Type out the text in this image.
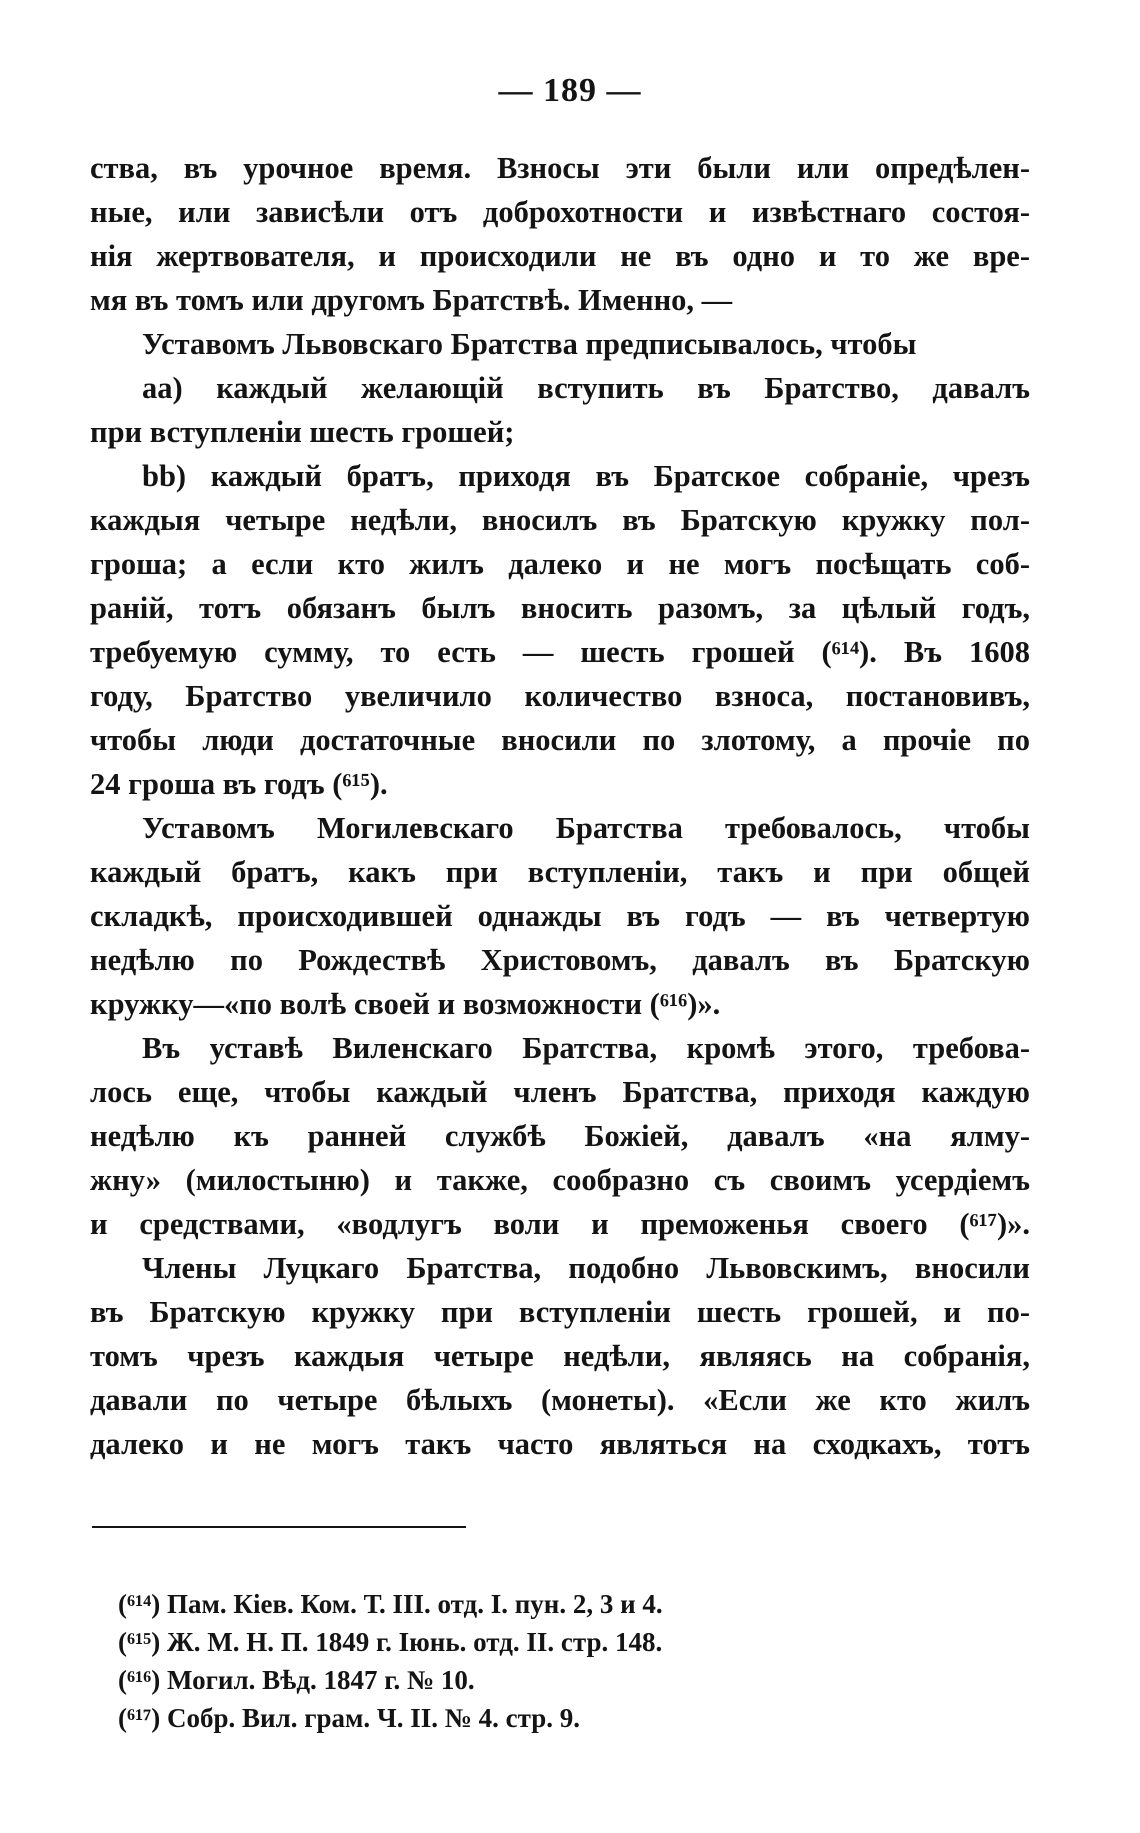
— 189 —
ства, въ урочное время. Взносы эти были или опредѣлен-
ные, или зависѣли отъ доброхотности и извѣстнаго состоя-
нія жертвователя, и происходили не въ одно и то же вре-
мя въ томъ или другомъ Братствѣ. Именно, —
Уставомъ Львовскаго Братства предписывалось, чтобы
аа) каждый желающій вступить въ Братство, давалъ
при вступленіи шесть грошей;
bb) каждый братъ, приходя въ Братское собраніе, чрезъ
каждыя четыре недѣли, вносилъ въ Братскую кружку пол-
гроша; а если кто жилъ далеко и не могъ посѣщать соб-
раній, тотъ обязанъ былъ вносить разомъ, за цѣлый годъ,
требуемую сумму, то есть — шесть грошей (⁶¹⁴). Въ 1608
году, Братство увеличило количество взноса, постановивъ,
чтобы люди достаточные вносили по злотому, а прочіе по
24 гроша въ годъ (⁶¹⁵).
Уставомъ Могилевскаго Братства требовалось, чтобы
каждый братъ, какъ при вступленіи, такъ и при общей
складкѣ, происходившей однажды въ годъ — въ четвертую
недѣлю по Рождествѣ Христовомъ, давалъ въ Братскую
кружку—«по волѣ своей и возможности (⁶¹⁶)».
Въ уставѣ Виленскаго Братства, кромѣ этого, требова-
лось еще, чтобы каждый членъ Братства, приходя каждую
недѣлю къ ранней службѣ Божіей, давалъ «на ялму-
жну» (милостыню) и также, сообразно съ своимъ усердіемъ
и средствами, «водлугъ воли и преможенья своего (⁶¹⁷)».
Члены Луцкаго Братства, подобно Львовскимъ, вносили
въ Братскую кружку при вступленіи шесть грошей, и по-
томъ чрезъ каждыя четыре недѣли, являясь на собранія,
давали по четыре бѣлыхъ (монеты). «Если же кто жилъ
далеко и не могъ такъ часто являться на сходкахъ, тотъ
(⁶¹⁴) Пам. Кіев. Ком. Т. III. отд. I. пун. 2, 3 и 4.
(⁶¹⁵) Ж. М. Н. П. 1849 г. Іюнь. отд. II. стр. 148.
(⁶¹⁶) Могил. Вѣд. 1847 г. № 10.
(⁶¹⁷) Собр. Вил. грам. Ч. II. № 4. стр. 9.
